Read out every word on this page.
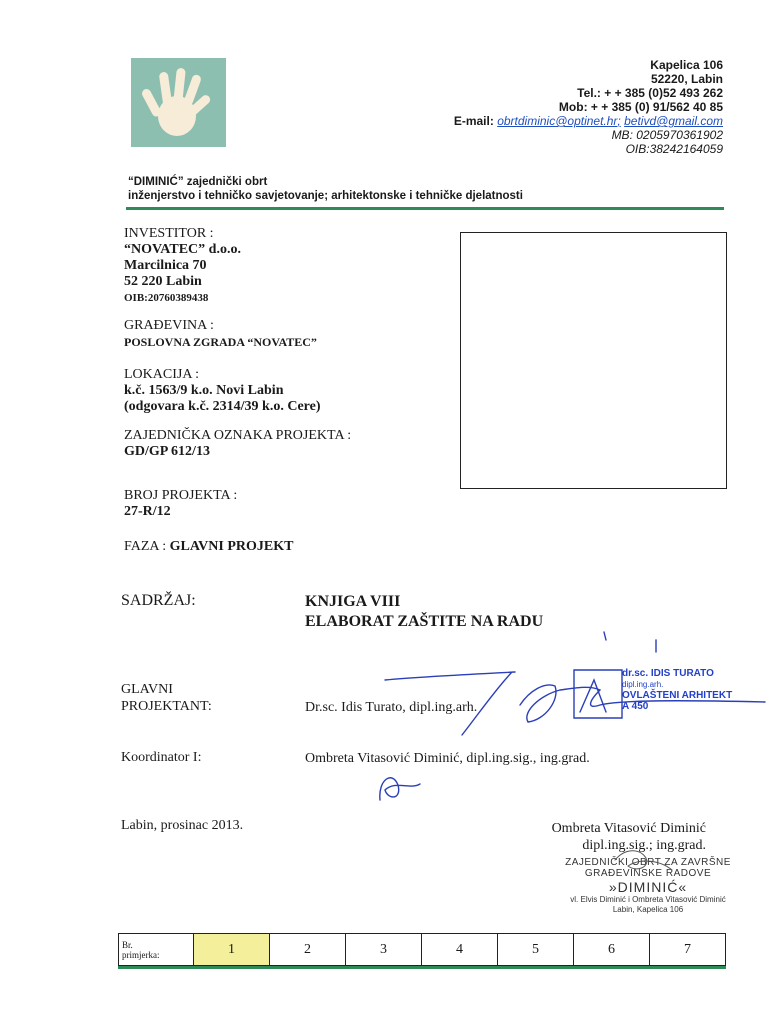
Kapelica 106
52220, Labin
Tel.: + + 385 (0)52 493 262
Mob: + + 385 (0) 91/562 40 85
E-mail: obrtdiminic@optinet.hr; betivd@gmail.com
MB: 0205970361902
OIB:38242164059
“DIMINIĆ” zajednički obrt
inženjerstvo i tehničko savjetovanje; arhitektonske i tehničke djelatnosti
INVESTITOR :
“NOVATEC” d.o.o.
Marcilnica 70
52 220 Labin
OIB:20760389438
GRAĐEVINA :
POSLOVNA ZGRADA “NOVATEC”
LOKACIJA :
k.č. 1563/9 k.o. Novi Labin
(odgovara k.č. 2314/39 k.o. Cere)
ZAJEDNIČKA OZNAKA PROJEKTA :
GD/GP 612/13
BROJ PROJEKTA :
27-R/12
FAZA : GLAVNI PROJEKT
SADRŽAJ:	KNJIGA VIII
ELABORAT ZAŠTITE NA RADU
GLAVNI
PROJEKTANT:	Dr.sc. Idis Turato, dipl.ing.arh.
dr.sc. IDIS TURATO
dipl.ing.arh.
OVLAŠTENI ARHITEKT
A 450
Koordinator I:	Ombreta Vitasović Diminić, dipl.ing.sig., ing.grad.
Labin, prosinac 2013.	Ombreta Vitasović Diminić
dipl.ing.sig.; ing.grad.
ZAJEDNIČKI OBRT ZA ZAVRŠNE
GRAĐEVINSKE RADOVE
»DIMINIĆ«
vl. Elvis Diminić i Ombreta Vitasović Diminić
Labin, Kapelica 106
Br.
primjerka:	1	2	3	4	5	6	7
